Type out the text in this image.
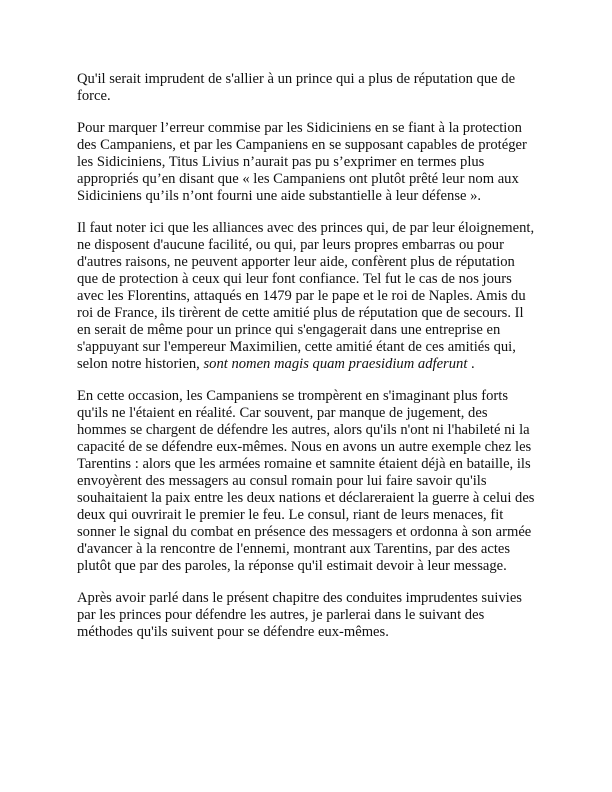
Qu'il serait imprudent de s'allier à un prince qui a plus de réputation que de force.

Pour marquer l’erreur commise par les Sidiciniens en se fiant à la protection des Campaniens, et par les Campaniens en se supposant capables de protéger les Sidiciniens, Titus Livius n’aurait pas pu s’exprimer en termes plus appropriés qu’en disant que « les Campaniens ont plutôt prêté leur nom aux Sidiciniens qu’ils n’ont fourni une aide substantielle à leur défense ».

Il faut noter ici que les alliances avec des princes qui, de par leur éloignement, ne disposent d'aucune facilité, ou qui, par leurs propres embarras ou pour d'autres raisons, ne peuvent apporter leur aide, confèrent plus de réputation que de protection à ceux qui leur font confiance. Tel fut le cas de nos jours avec les Florentins, attaqués en 1479 par le pape et le roi de Naples. Amis du roi de France, ils tirèrent de cette amitié plus de réputation que de secours. Il en serait de même pour un prince qui s'engagerait dans une entreprise en s'appuyant sur l'empereur Maximilien, cette amitié étant de ces amitiés qui, selon notre historien, sont nomen magis quam praesidium adferunt .

En cette occasion, les Campaniens se trompèrent en s'imaginant plus forts qu'ils ne l'étaient en réalité. Car souvent, par manque de jugement, des hommes se chargent de défendre les autres, alors qu'ils n'ont ni l'habileté ni la capacité de se défendre eux-mêmes. Nous en avons un autre exemple chez les Tarentins : alors que les armées romaine et samnite étaient déjà en bataille, ils envoyèrent des messagers au consul romain pour lui faire savoir qu'ils souhaitaient la paix entre les deux nations et déclareraient la guerre à celui des deux qui ouvrirait le premier le feu. Le consul, riant de leurs menaces, fit sonner le signal du combat en présence des messagers et ordonna à son armée d'avancer à la rencontre de l'ennemi, montrant aux Tarentins, par des actes plutôt que par des paroles, la réponse qu'il estimait devoir à leur message.

Après avoir parlé dans le présent chapitre des conduites imprudentes suivies par les princes pour défendre les autres, je parlerai dans le suivant des méthodes qu'ils suivent pour se défendre eux-mêmes.
